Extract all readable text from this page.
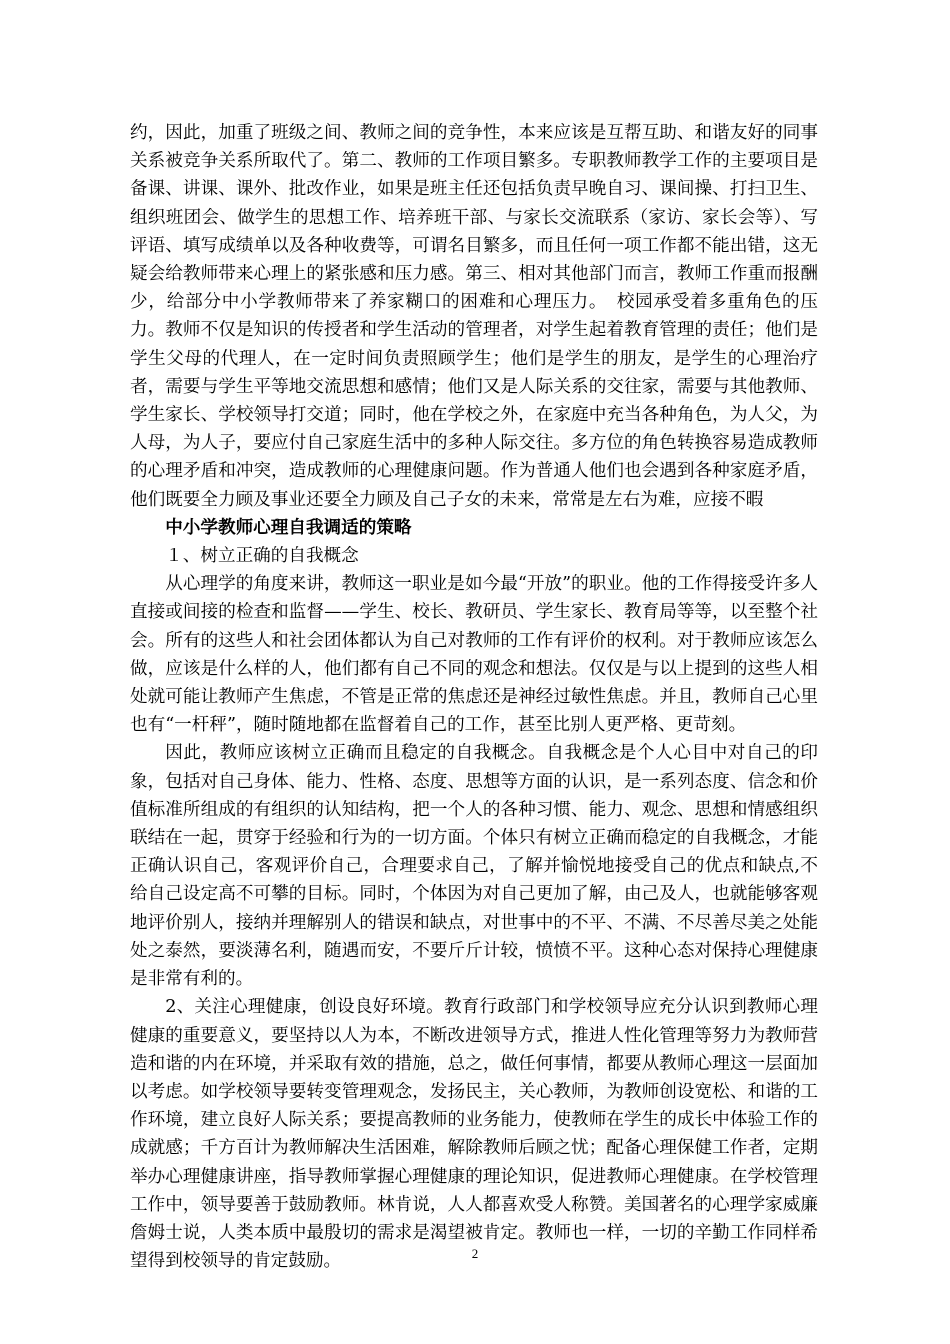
约，因此，加重了班级之间、教师之间的竞争性，本来应该是互帮互助、和谐友好的同事关系被竞争关系所取代了。第二、教师的工作项目繁多。专职教师教学工作的主要项目是备课、讲课、课外、批改作业，如果是班主任还包括负责早晚自习、课间操、打扫卫生、组织班团会、做学生的思想工作、培养班干部、与家长交流联系（家访、家长会等）、写评语、填写成绩单以及各种收费等，可谓名目繁多，而且任何一项工作都不能出错，这无疑会给教师带来心理上的紧张感和压力感。第三、相对其他部门而言，教师工作重而报酬少，给部分中小学教师带来了养家糊口的困难和心理压力。　校园承受着多重角色的压力。教师不仅是知识的传授者和学生活动的管理者，对学生起着教育管理的责任；他们是学生父母的代理人，在一定时间负责照顾学生；他们是学生的朋友，是学生的心理治疗者，需要与学生平等地交流思想和感情；他们又是人际关系的交往家，需要与其他教师、学生家长、学校领导打交道；同时，他在学校之外，在家庭中充当各种角色，为人父，为人母，为人子，要应付自己家庭生活中的多种人际交往。多方位的角色转换容易造成教师的心理矛盾和冲突，造成教师的心理健康问题。作为普通人他们也会遇到各种家庭矛盾，他们既要全力顾及事业还要全力顾及自己子女的未来，常常是左右为难，应接不暇

中小学教师心理自我调适的策略

１、树立正确的自我概念

从心理学的角度来讲，教师这一职业是如今最“开放”的职业。他的工作得接受许多人直接或间接的检查和监督——学生、校长、教研员、学生家长、教育局等等，以至整个社会。所有的这些人和社会团体都认为自己对教师的工作有评价的权利。对于教师应该怎么做，应该是什么样的人，他们都有自己不同的观念和想法。仅仅是与以上提到的这些人相处就可能让教师产生焦虑，不管是正常的焦虑还是神经过敏性焦虑。并且，教师自己心里也有“一杆秤”，随时随地都在监督着自己的工作，甚至比别人更严格、更苛刻。

因此，教师应该树立正确而且稳定的自我概念。自我概念是个人心目中对自己的印象，包括对自己身体、能力、性格、态度、思想等方面的认识，是一系列态度、信念和价值标准所组成的有组织的认知结构，把一个人的各种习惯、能力、观念、思想和情感组织联结在一起，贯穿于经验和行为的一切方面。个体只有树立正确而稳定的自我概念，才能正确认识自己，客观评价自己，合理要求自己，了解并愉悦地接受自己的优点和缺点,不给自己设定高不可攀的目标。同时，个体因为对自己更加了解，由己及人，也就能够客观地评价别人，接纳并理解别人的错误和缺点，对世事中的不平、不满、不尽善尽美之处能处之泰然，要淡薄名利，随遇而安，不要斤斤计较，愤愤不平。这种心态对保持心理健康是非常有利的。

2、关注心理健康，创设良好环境。教育行政部门和学校领导应充分认识到教师心理健康的重要意义，要坚持以人为本，不断改进领导方式，推进人性化管理等努力为教师营造和谐的内在环境，并采取有效的措施，总之，做任何事情，都要从教师心理这一层面加以考虑。如学校领导要转变管理观念，发扬民主，关心教师，为教师创设宽松、和谐的工作环境，建立良好人际关系；要提高教师的业务能力，使教师在学生的成长中体验工作的成就感；千方百计为教师解决生活困难，解除教师后顾之忧；配备心理保健工作者，定期举办心理健康讲座，指导教师掌握心理健康的理论知识，促进教师心理健康。在学校管理工作中，领导要善于鼓励教师。林肯说，人人都喜欢受人称赞。美国著名的心理学家威廉詹姆士说，人类本质中最殷切的需求是渴望被肯定。教师也一样，一切的辛勤工作同样希望得到校领导的肯定鼓励。	2
